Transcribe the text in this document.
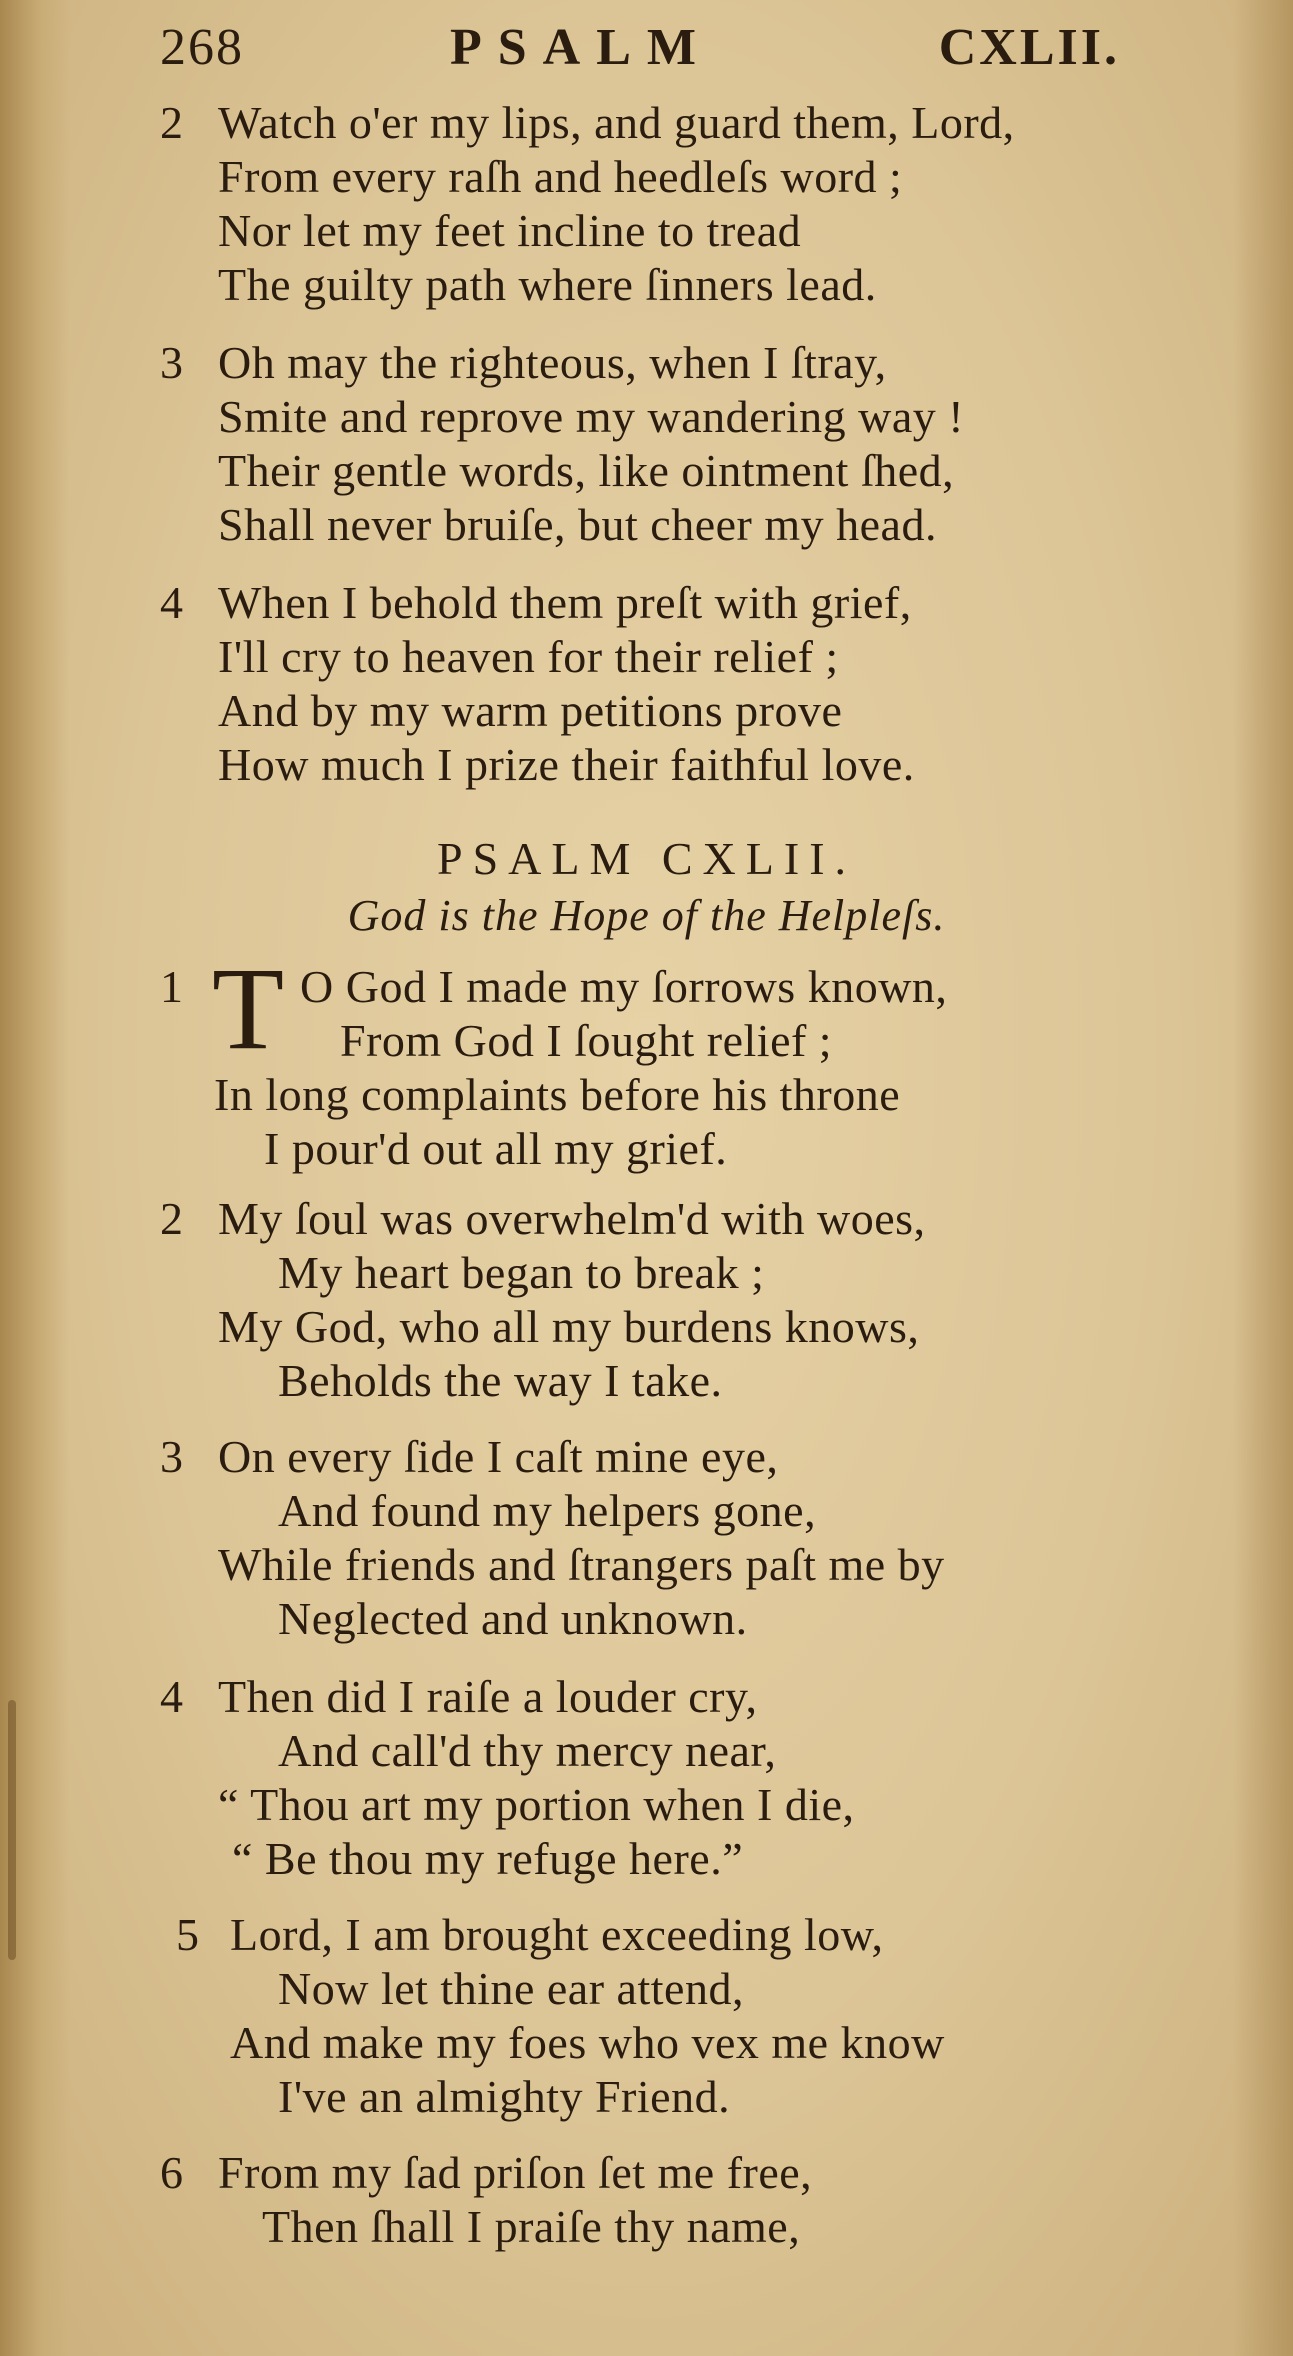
268	PSALM	CXLII.
2 Watch o'er my lips, and guard them, Lord,
From every raſh and heedleſs word ;
Nor let my feet incline to tread
The guilty path where ſinners lead.
3 Oh may the righteous, when I ſtray,
Smite and reprove my wandering way !
Their gentle words, like ointment ſhed,
Shall never bruiſe, but cheer my head.
4 When I behold them preſt with grief,
I'll cry to heaven for their relief ;
And by my warm petitions prove
How much I prize their faithful love.
PSALM CXLII.
God is the Hope of the Helpleſs.
1 T O God I made my ſorrows known,
From God I ſought relief ;
In long complaints before his throne
I pour'd out all my grief.
2 My ſoul was overwhelm'd with woes,
My heart began to break ;
My God, who all my burdens knows,
Beholds the way I take.
3 On every ſide I caſt mine eye,
And found my helpers gone,
While friends and ſtrangers paſt me by
Neglected and unknown.
4 Then did I raiſe a louder cry,
And call'd thy mercy near,
“ Thou art my portion when I die,
“ Be thou my refuge here.”
5 Lord, I am brought exceeding low,
Now let thine ear attend,
And make my foes who vex me know
I've an almighty Friend.
6 From my ſad priſon ſet me free,
Then ſhall I praiſe thy name,
